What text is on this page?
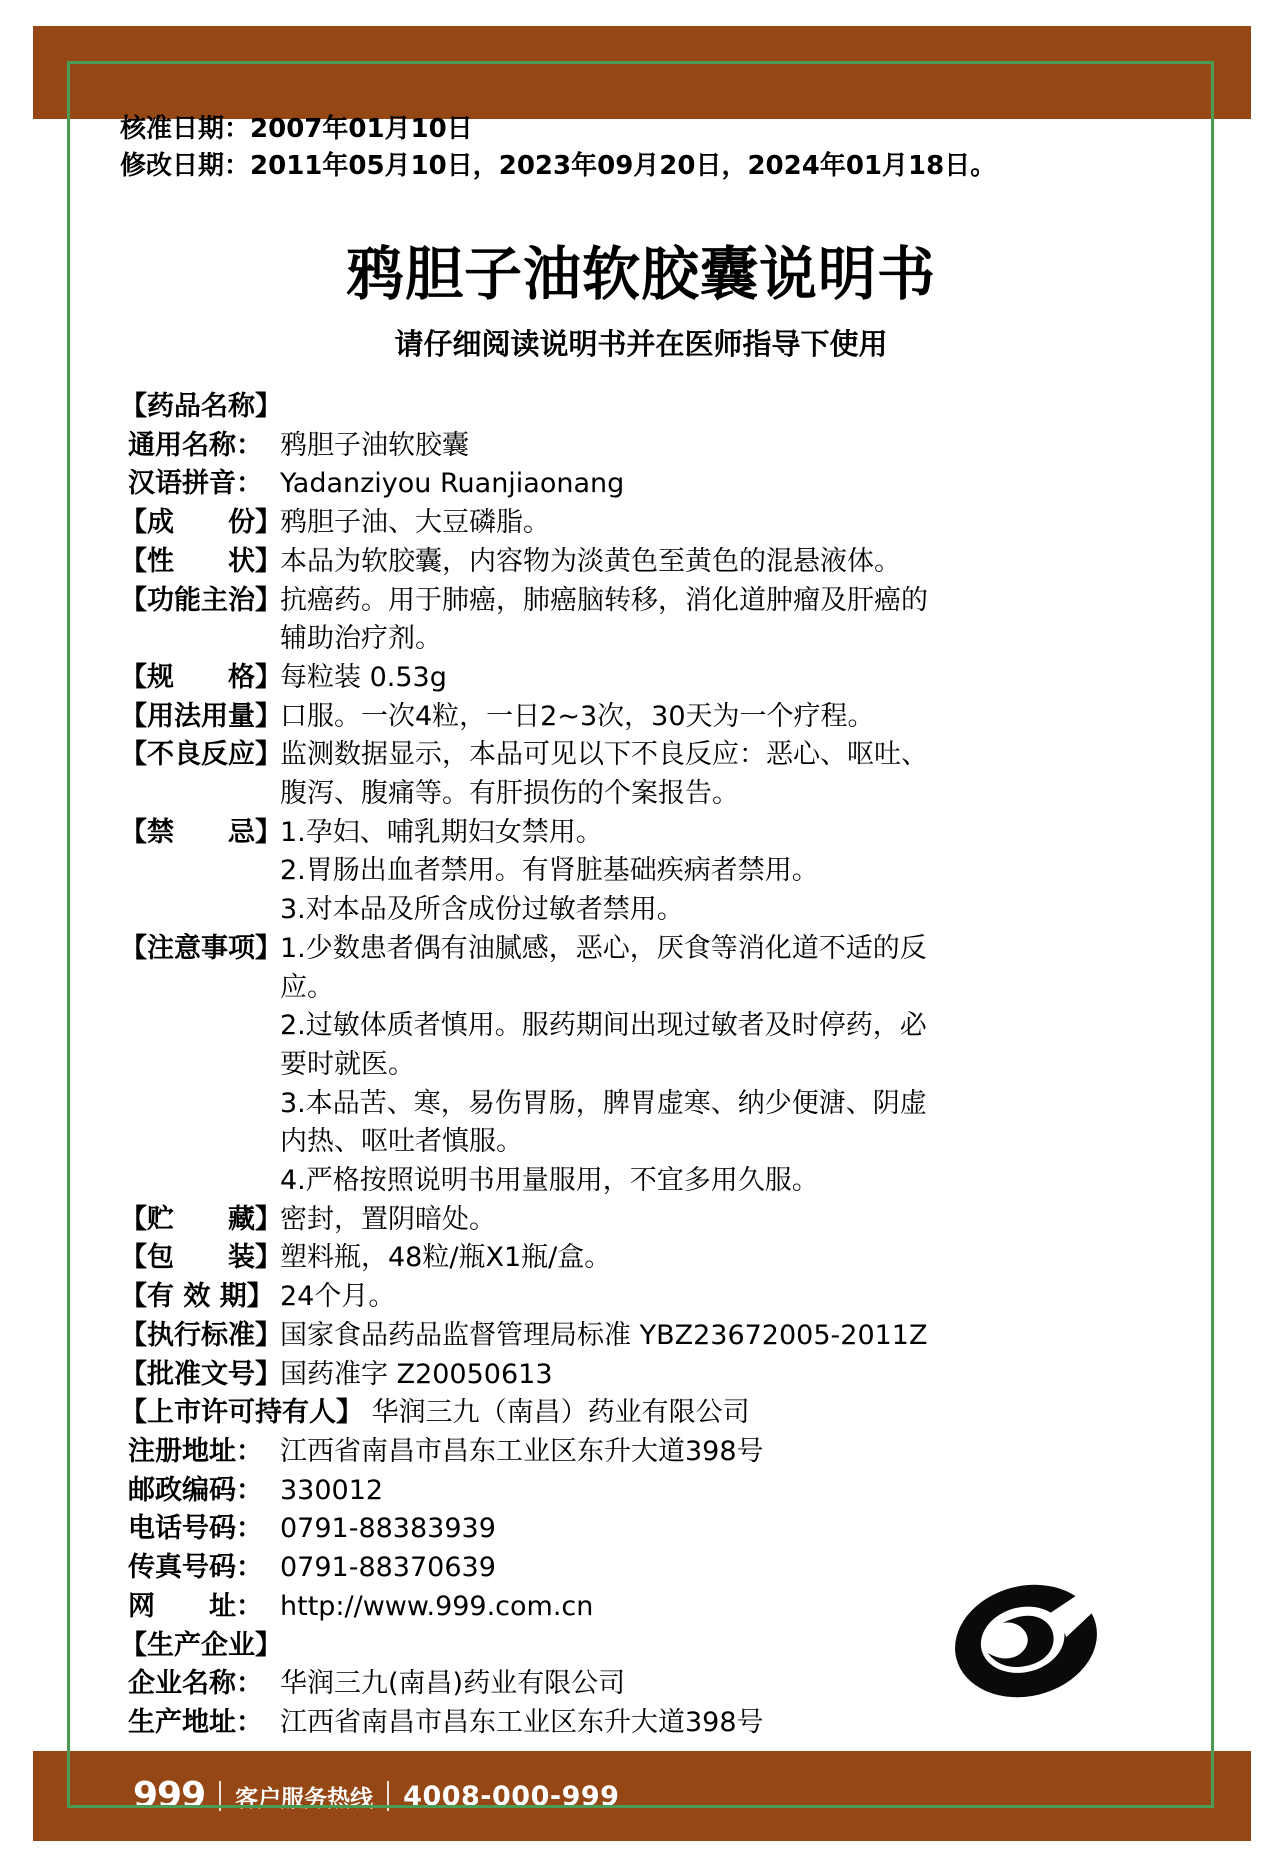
核准日期：2007年01月10日
修改日期：2011年05月10日，2023年09月20日，2024年01月18日。
鸦胆子油软胶囊说明书
请仔细阅读说明书并在医师指导下使用
【药品名称】
通用名称： 鸦胆子油软胶囊
汉语拼音： Yadanziyou Ruanjiaonang
【成　　份】
鸦胆子油、大豆磷脂。
【性　　状】
本品为软胶囊，内容物为淡黄色至黄色的混悬液体。
【功能主治】
抗癌药。用于肺癌，肺癌脑转移，消化道肿瘤及肝癌的辅助治疗剂。
【规　　格】
每粒装 0.53g
【用法用量】
口服。一次4粒，一日2~3次，30天为一个疗程。
【不良反应】
监测数据显示，本品可见以下不良反应：恶心、呕吐、腹泻、腹痛等。有肝损伤的个案报告。
【禁　　忌】
1.孕妇、哺乳期妇女禁用。
2.胃肠出血者禁用。有肾脏基础疾病者禁用。
3.对本品及所含成份过敏者禁用。
【注意事项】
1.少数患者偶有油腻感，恶心，厌食等消化道不适的反应。
2.过敏体质者慎用。服药期间出现过敏者及时停药，必要时就医。
3.本品苦、寒，易伤胃肠，脾胃虚寒、纳少便溏、阴虚内热、呕吐者慎服。
4.严格按照说明书用量服用，不宜多用久服。
【贮　　藏】
密封，置阴暗处。
【包　　装】
塑料瓶，48粒/瓶X1瓶/盒。
【有 效 期】 24个月。
【执行标准】
国家食品药品监督管理局标准 YBZ23672005-2011Z
【批准文号】
国药准字 Z20050613
【上市许可持有人】 华润三九（南昌）药业有限公司
注册地址： 江西省南昌市昌东工业区东升大道398号
邮政编码： 330012
电话号码： 0791-88383939
传真号码： 0791-88370639
网　　址： http://www.999.com.cn
【生产企业】
企业名称： 华润三九(南昌)药业有限公司
生产地址： 江西省南昌市昌东工业区东升大道398号
999 客户服务热线 4008-000-999
